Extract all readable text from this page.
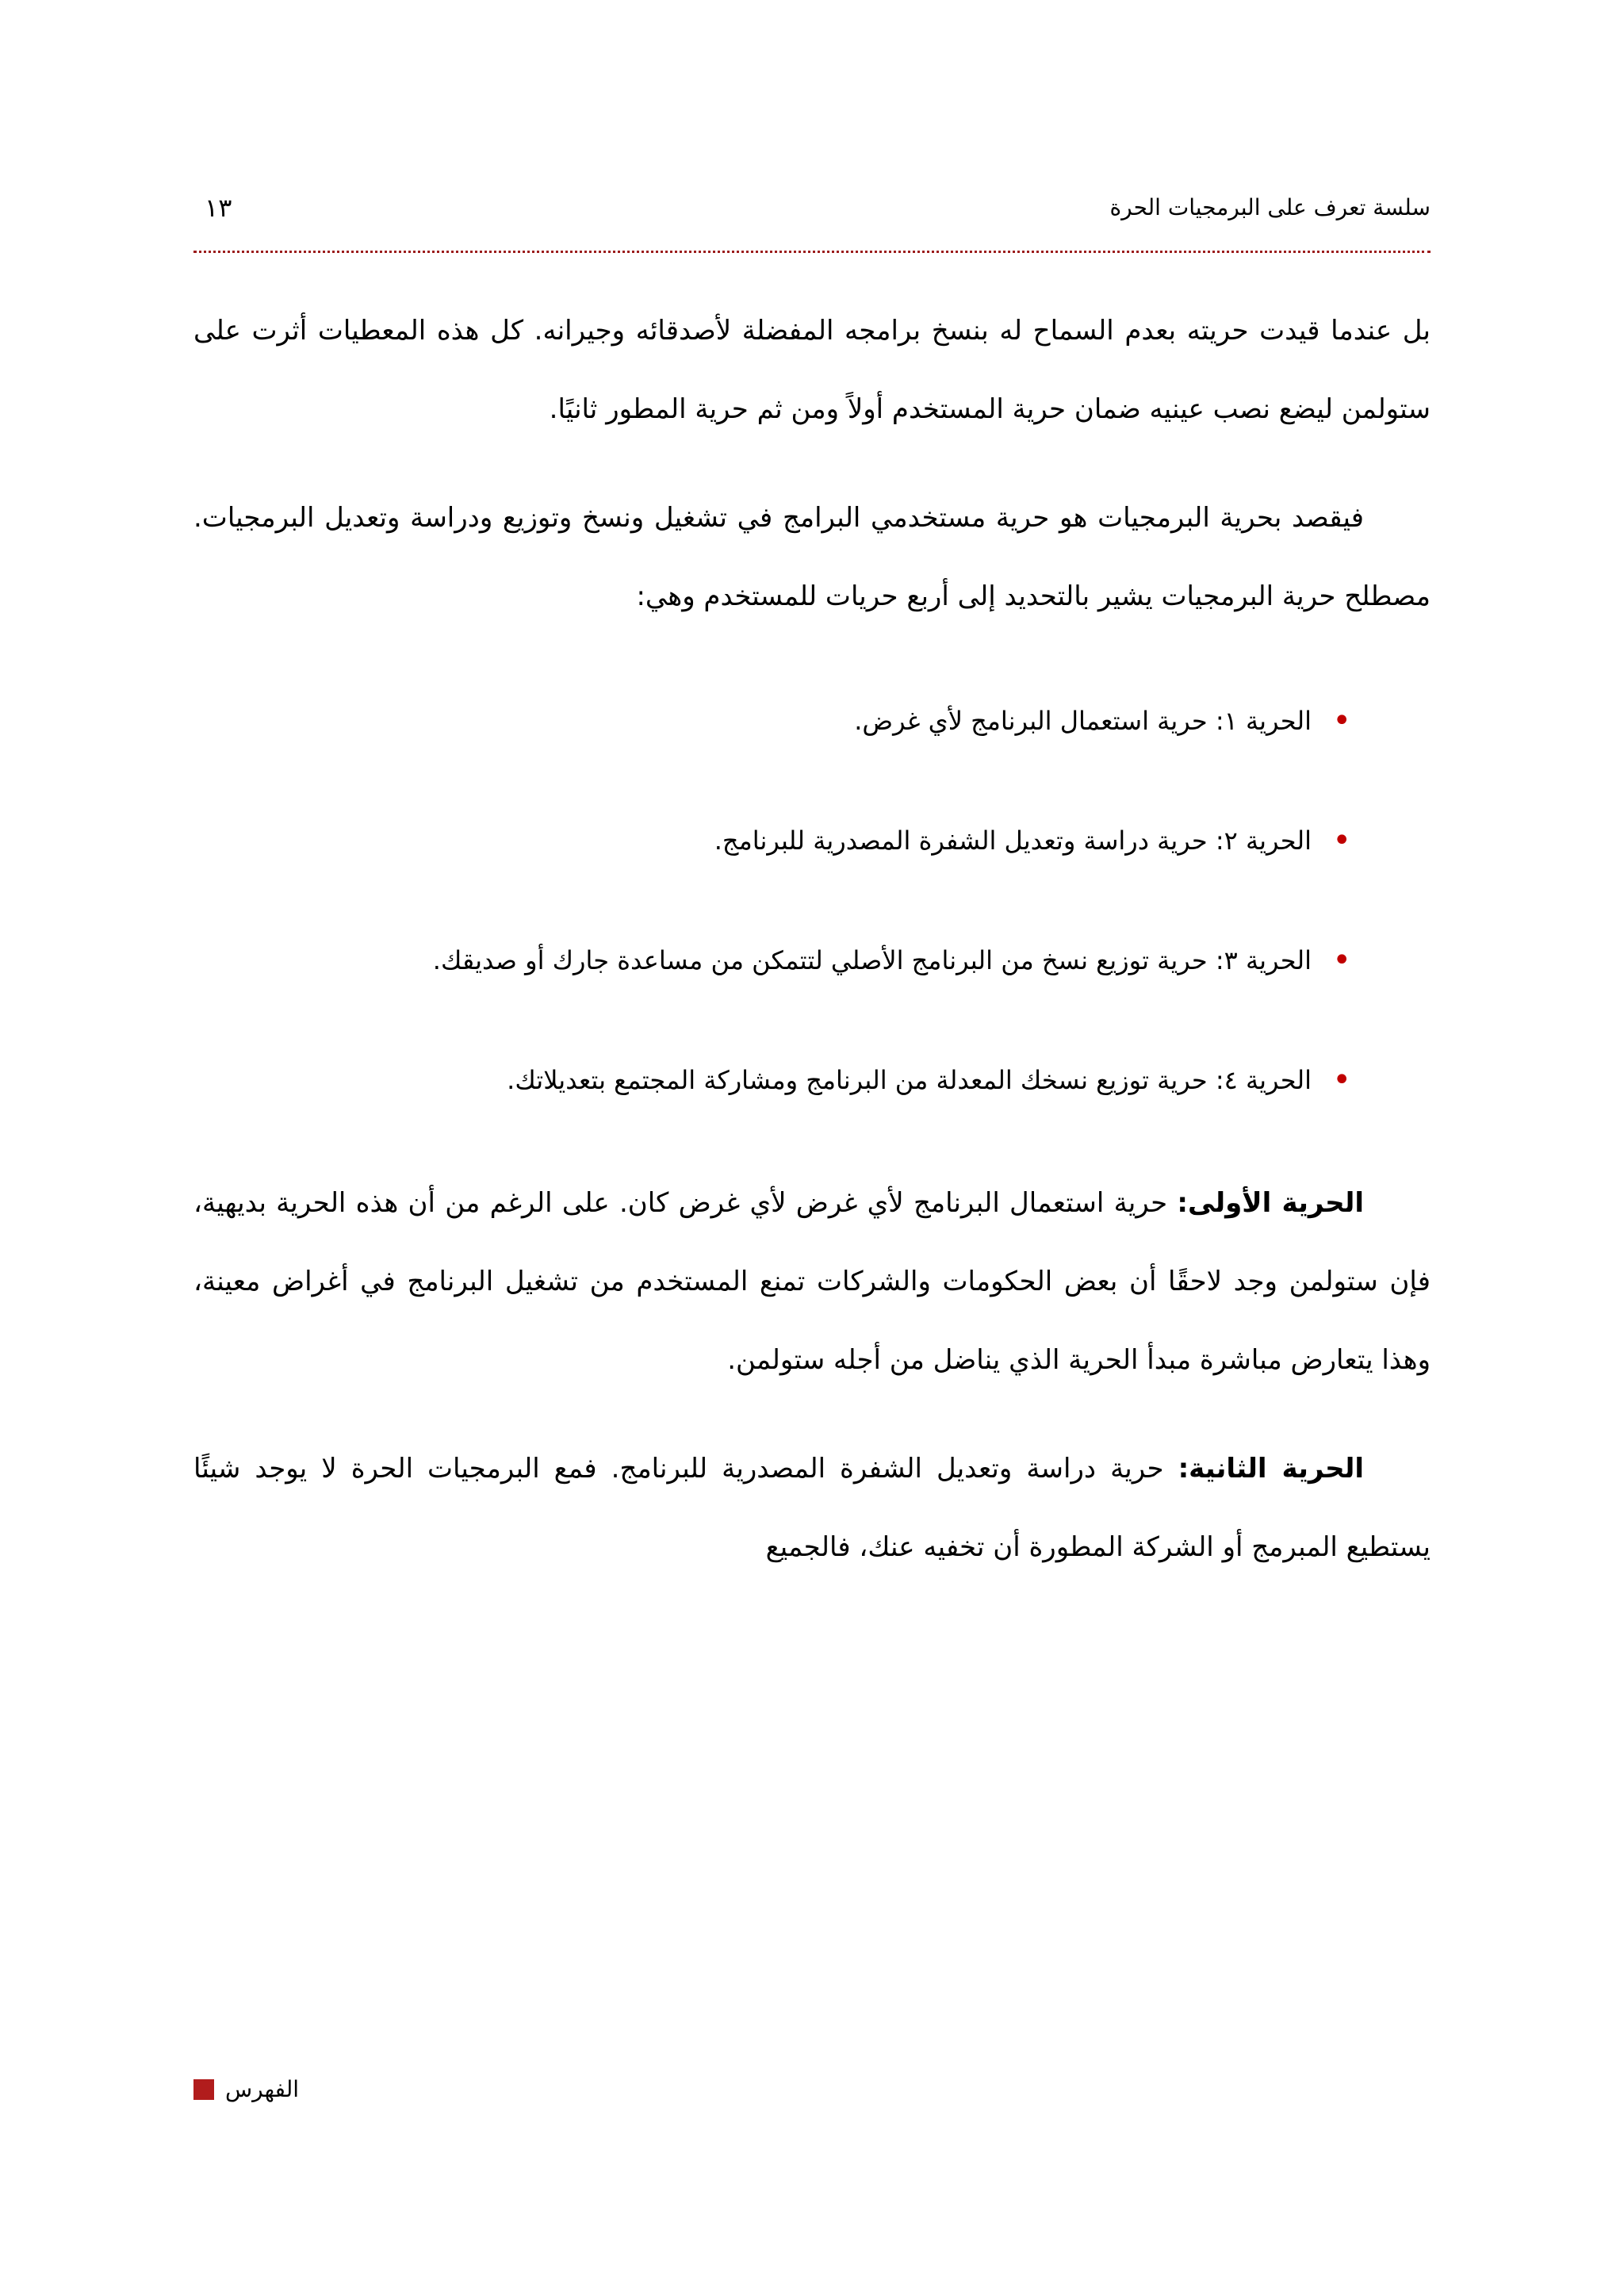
سلسة تعرف على البرمجيات الحرة
١٣

بل عندما قيدت حريته بعدم السماح له بنسخ برامجه المفضلة لأصدقائه وجيرانه. كل هذه المعطيات أثرت على ستولمن ليضع نصب عينيه ضمان حرية المستخدم أولاً ومن ثم حرية المطور ثانيًا.

فيقصد بحرية البرمجيات هو حرية مستخدمي البرامج في تشغيل ونسخ وتوزيع ودراسة وتعديل البرمجيات. مصطلح حرية البرمجيات يشير بالتحديد إلى أربع حريات للمستخدم وهي:

•
الحرية ١: حرية استعمال البرنامج لأي غرض.
•
الحرية ٢: حرية دراسة وتعديل الشفرة المصدرية للبرنامج.
•
الحرية ٣: حرية توزيع نسخ من البرنامج الأصلي لتتمكن من مساعدة جارك أو صديقك.
•
الحرية ٤: حرية توزيع نسخك المعدلة من البرنامج ومشاركة المجتمع بتعديلاتك.

الحرية الأولى: حرية استعمال البرنامج لأي غرض لأي غرض كان. على الرغم من أن هذه الحرية بديهية، فإن ستولمن وجد لاحقًا أن بعض الحكومات والشركات تمنع المستخدم من تشغيل البرنامج في أغراض معينة، وهذا يتعارض مباشرة مبدأ الحرية الذي يناضل من أجله ستولمن.

الحرية الثانية: حرية دراسة وتعديل الشفرة المصدرية للبرنامج. فمع البرمجيات الحرة لا يوجد شيئًا يستطيع المبرمج أو الشركة المطورة أن تخفيه عنك، فالجميع

الفهرس
